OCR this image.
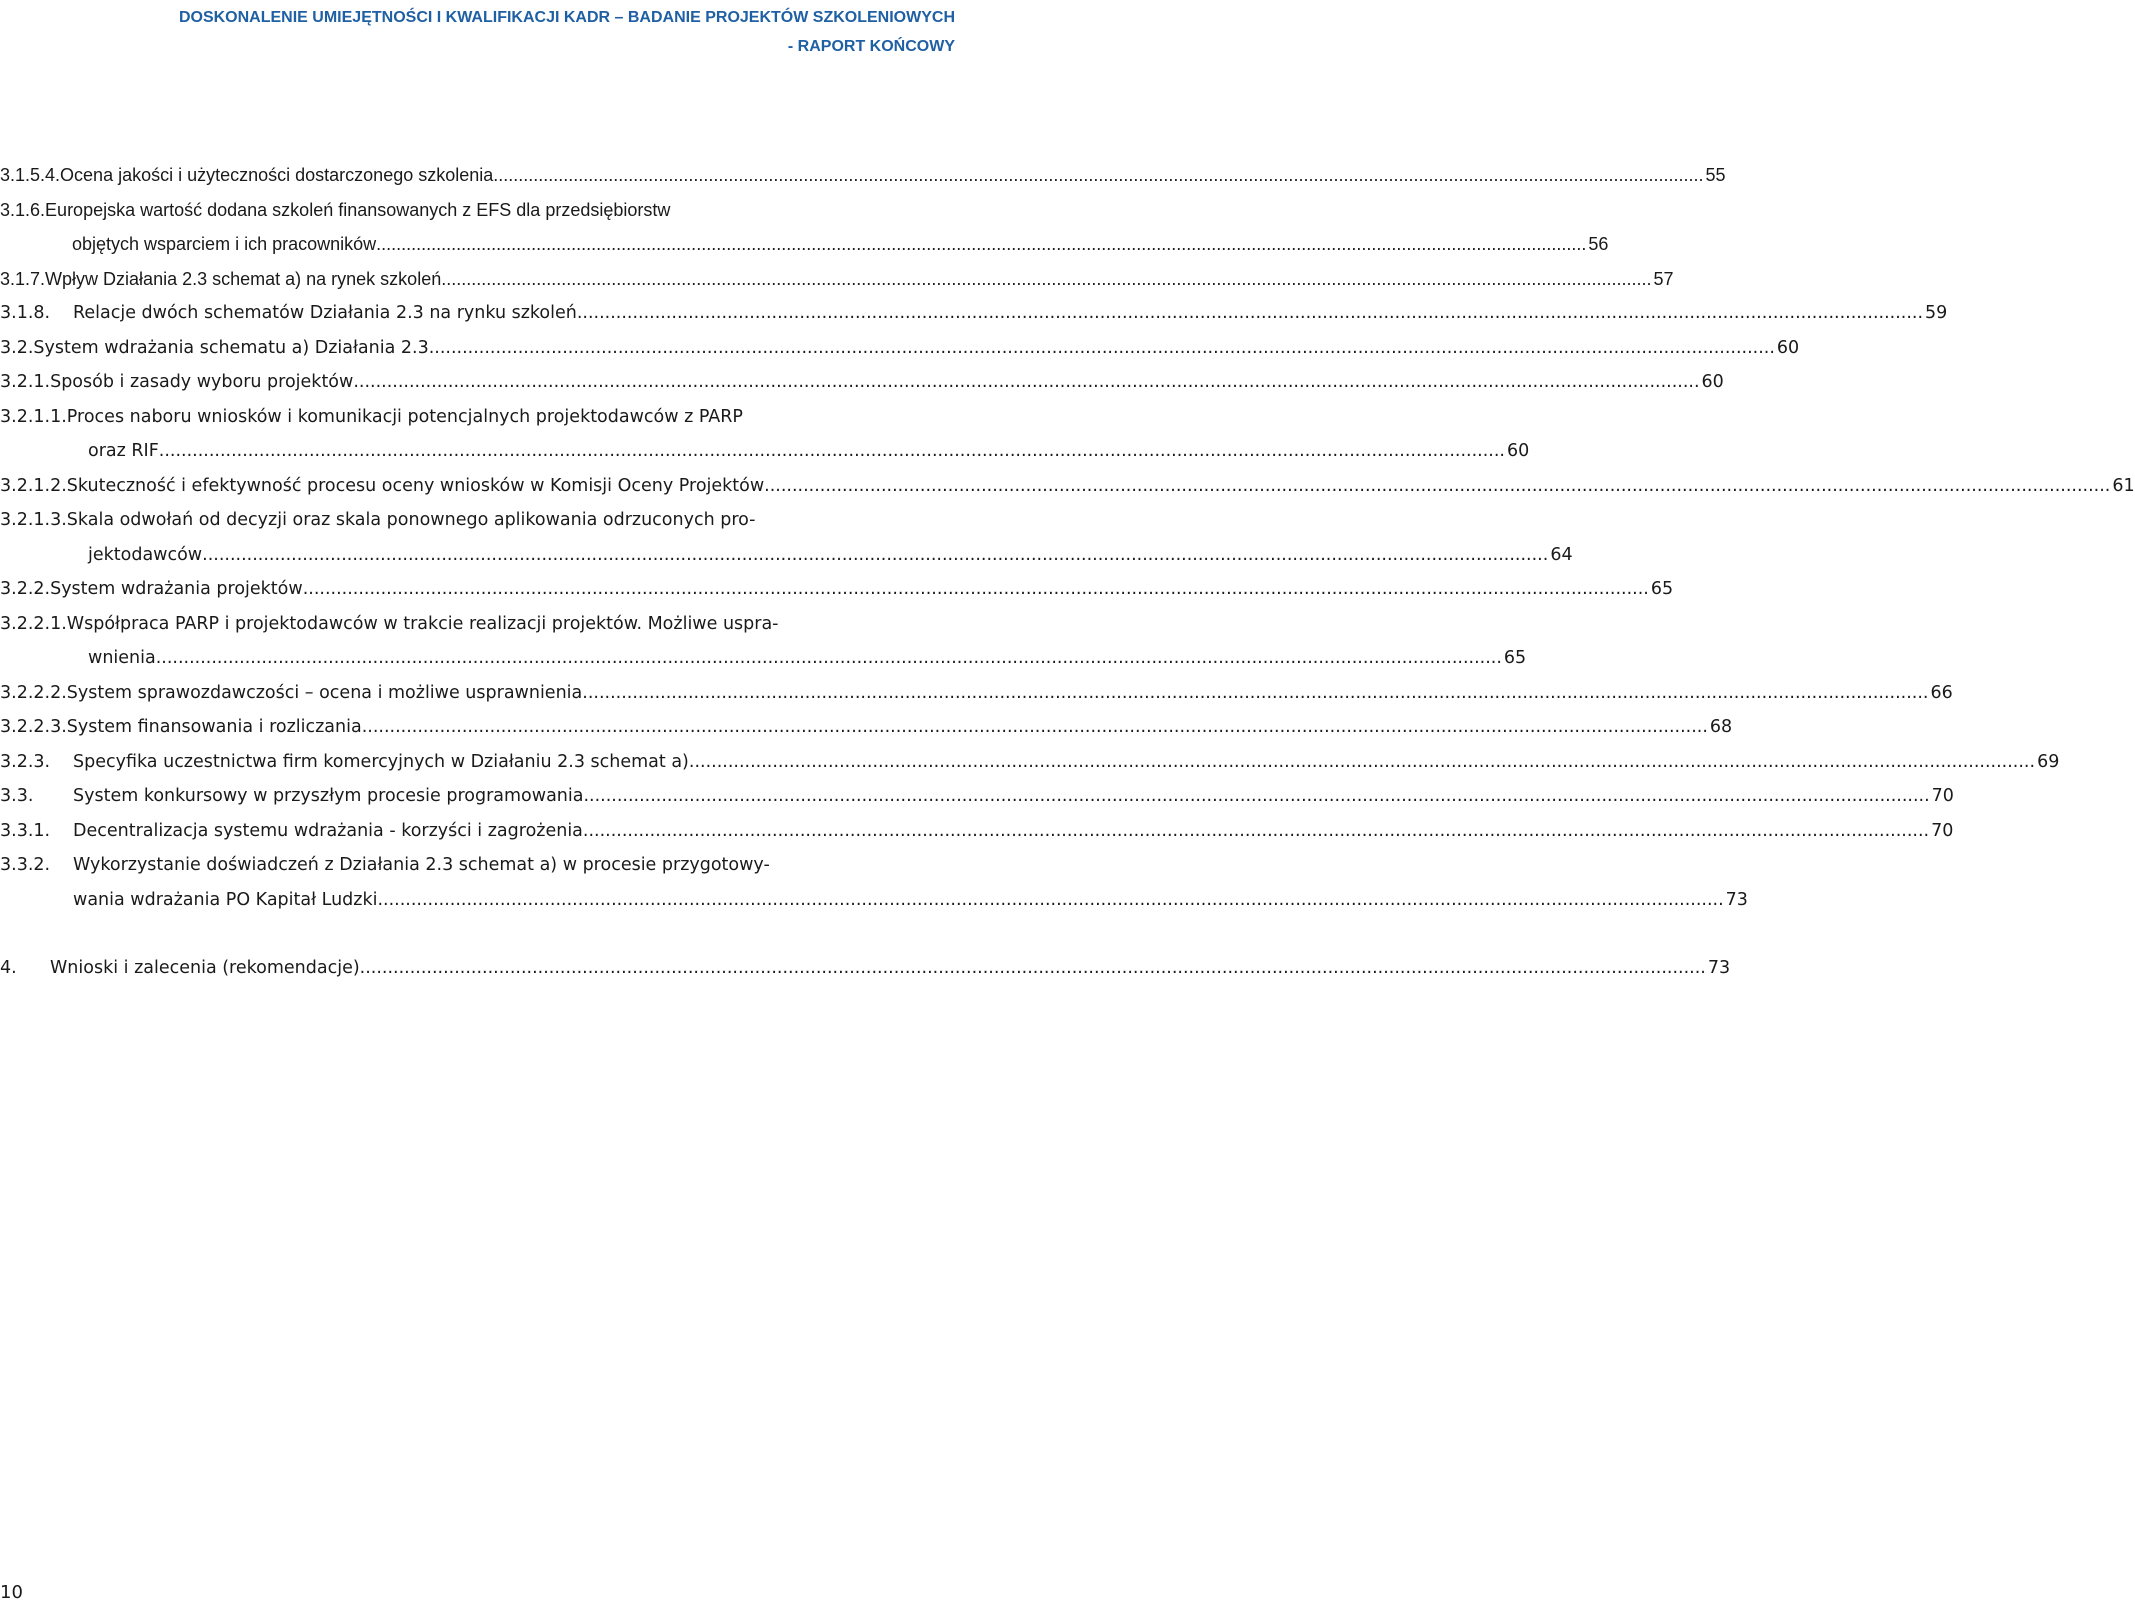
DOSKONALENIE UMIEJĘTNOŚCI I KWALIFIKACJI KADR – BADANIE PROJEKTÓW SZKOLENIOWYCH
- RAPORT KOŃCOWY
3.1.5.4. Ocena jakości i użyteczności dostarczonego szkolenia .....	55
3.1.6. Europejska wartość dodana szkoleń finansowanych z EFS dla przedsiębiorstw
objętych wsparciem i ich pracowników .....	56
3.1.7. Wpływ Działania 2.3 schemat a) na rynek szkoleń .....	57
3.1.8.	Relacje dwóch schematów Działania 2.3 na rynku szkoleń .....	59
3.2. System wdrażania schematu a) Działania 2.3 .....	60
3.2.1. Sposób i zasady wyboru projektów .....	60
3.2.1.1. Proces naboru wniosków i komunikacji potencjalnych projektodawców z PARP
oraz RIF .....	60
3.2.1.2. Skuteczność i efektywność procesu oceny wniosków w Komisji Oceny Projektów .....	61
3.2.1.3. Skala odwołań od decyzji oraz skala ponownego aplikowania odrzuconych pro-
jektodawców .....	64
3.2.2. System wdrażania projektów .....	65
3.2.2.1. Współpraca PARP i projektodawców w trakcie realizacji projektów. Możliwe uspra-
wnienia .....	65
3.2.2.2. System sprawozdawczości – ocena i możliwe usprawnienia .....	66
3.2.2.3. System finansowania i rozliczania .....	68
3.2.3.	Specyfika uczestnictwa firm komercyjnych w Działaniu 2.3 schemat a) .....	69
3.3.	System konkursowy w przyszłym procesie programowania .....	70
3.3.1.	Decentralizacja systemu wdrażania - korzyści i zagrożenia .....	70
3.3.2.	Wykorzystanie doświadczeń z Działania 2.3 schemat a) w procesie przygotowy-
wania wdrażania PO Kapitał Ludzki .....	73
4.	Wnioski i zalecenia (rekomendacje) .....	73
10
